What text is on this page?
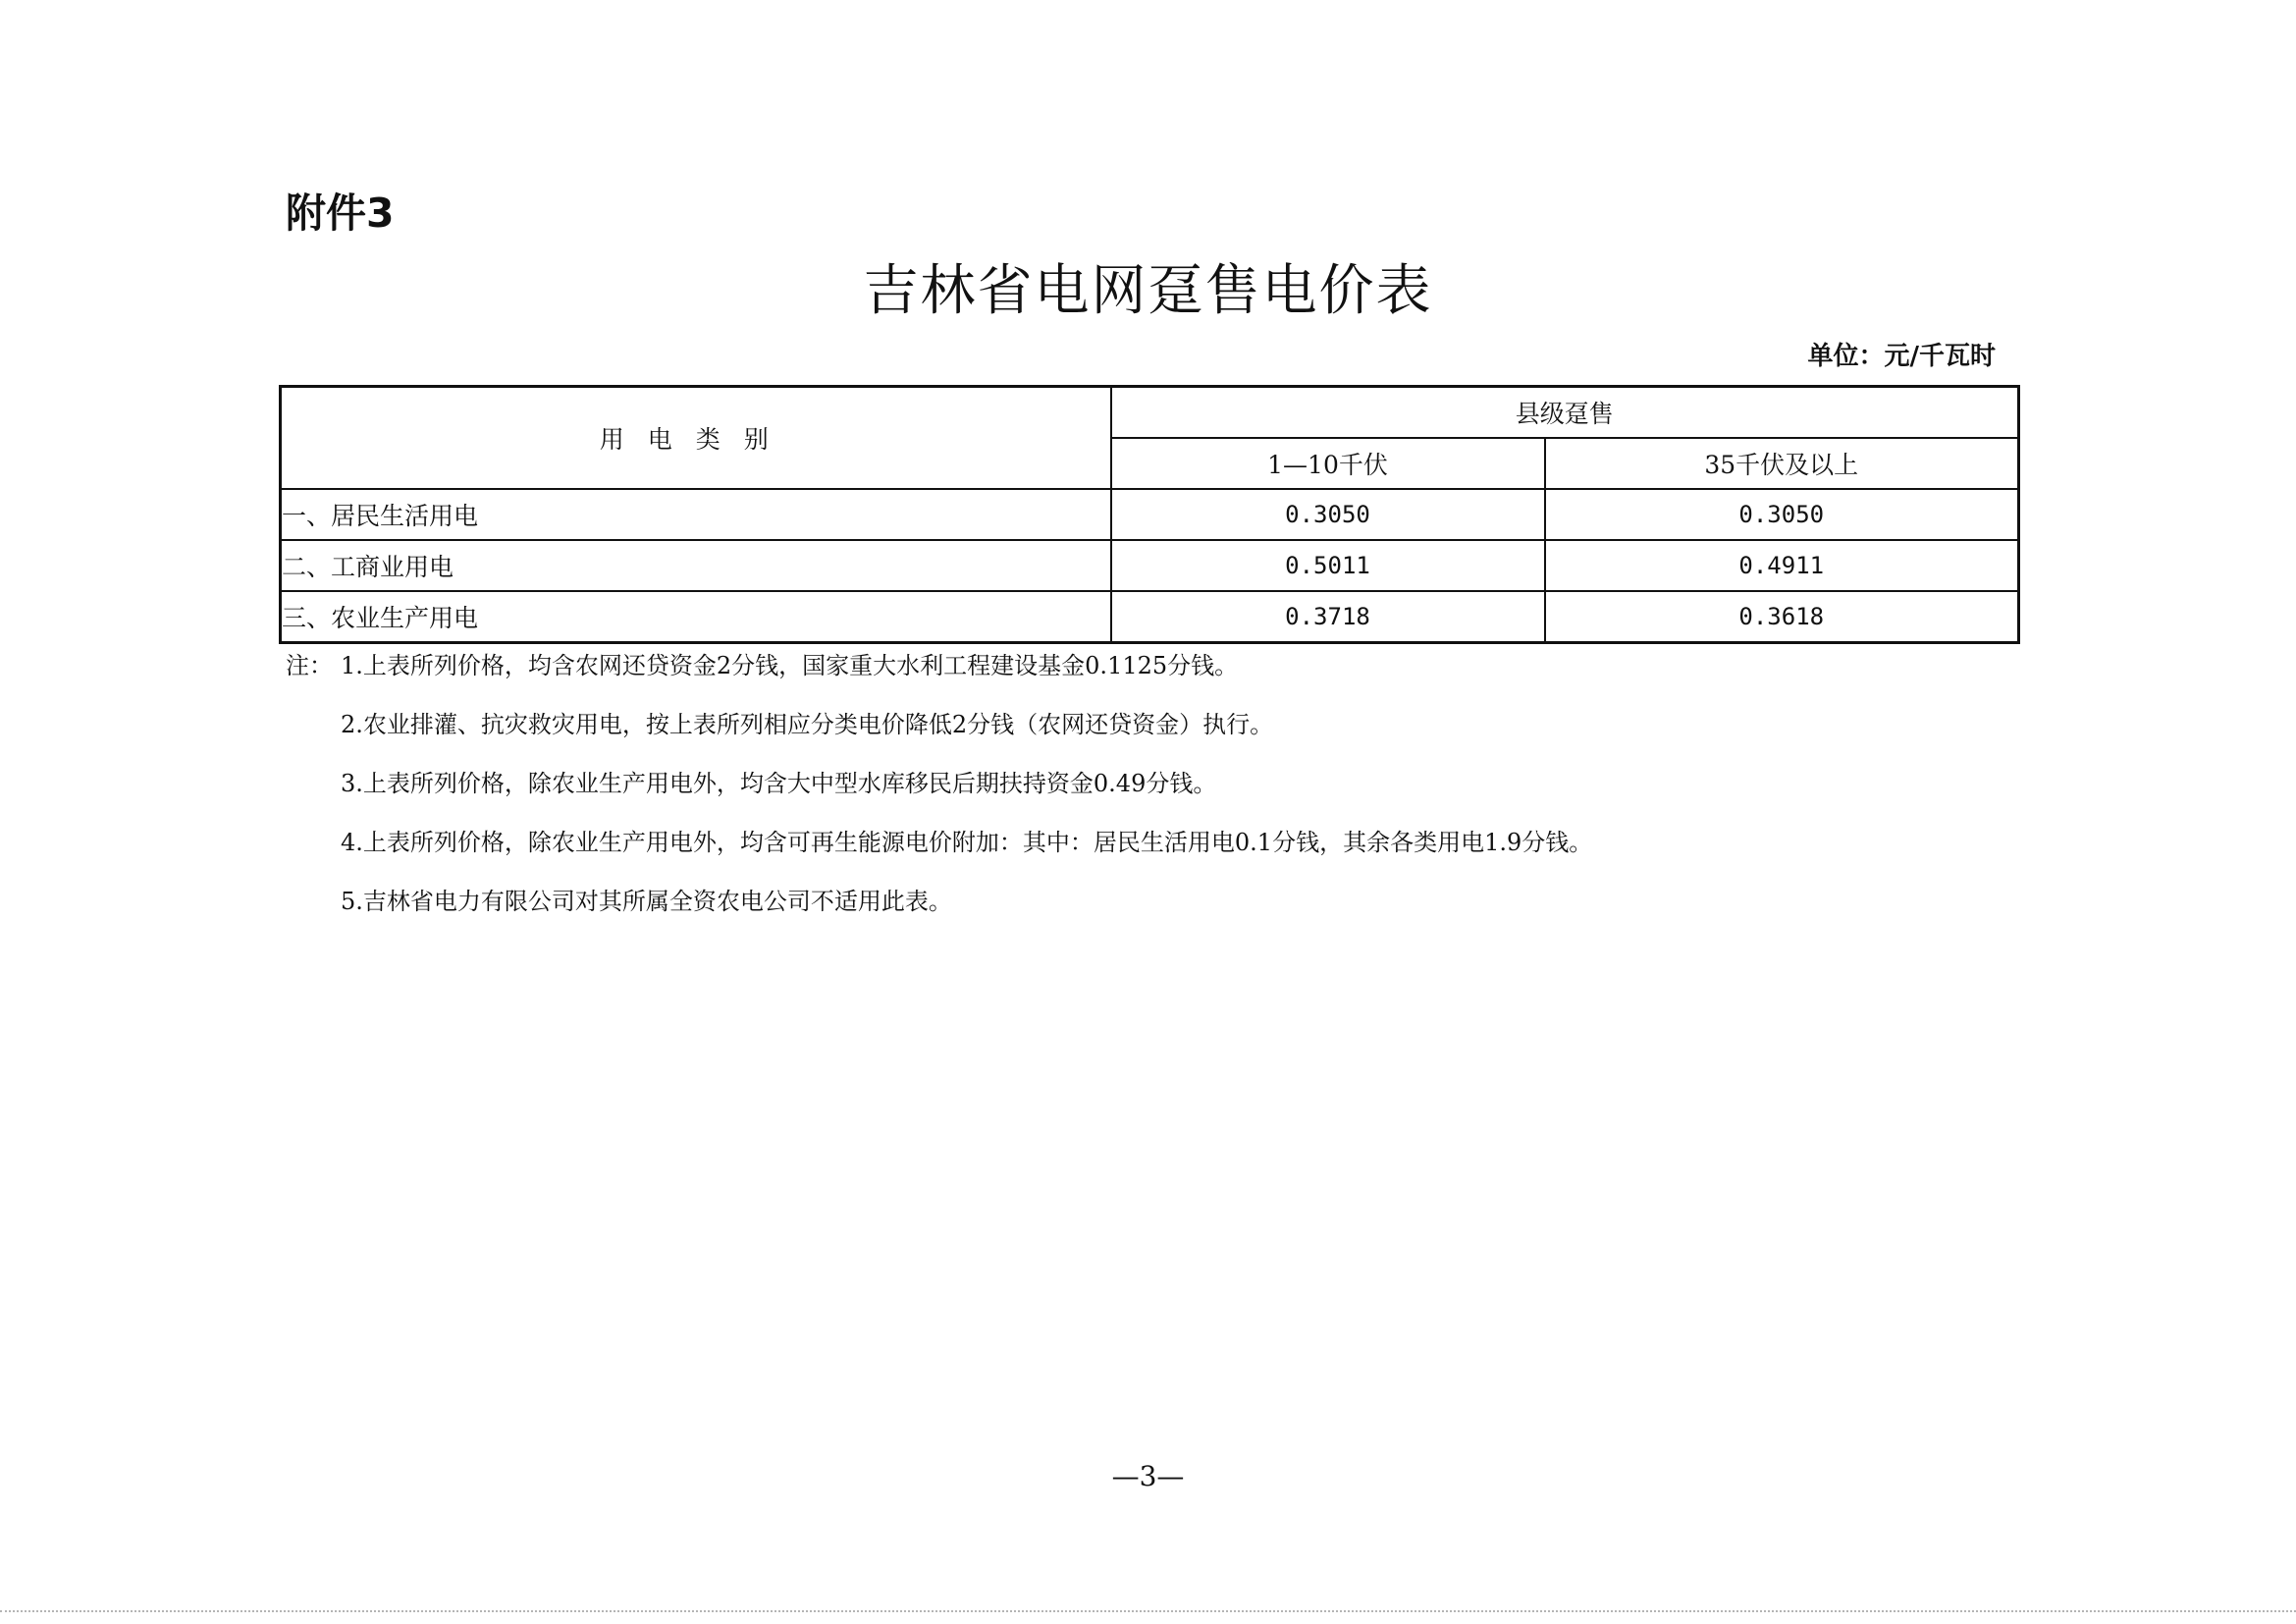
附件3
吉林省电网趸售电价表
单位：元/千瓦时
用电类别	县级趸售	
	1—10千伏	35千伏及以上
一、居民生活用电	0.3050	0.3050
二、工商业用电	0.5011	0.4911
三、农业生产用电	0.3718	0.3618
注： 1.上表所列价格，均含农网还贷资金2分钱，国家重大水利工程建设基金0.1125分钱。
2.农业排灌、抗灾救灾用电，按上表所列相应分类电价降低2分钱（农网还贷资金）执行。
3.上表所列价格，除农业生产用电外，均含大中型水库移民后期扶持资金0.49分钱。
4.上表所列价格，除农业生产用电外，均含可再生能源电价附加：其中：居民生活用电0.1分钱，其余各类用电1.9分钱。
5.吉林省电力有限公司对其所属全资农电公司不适用此表。
—3—
